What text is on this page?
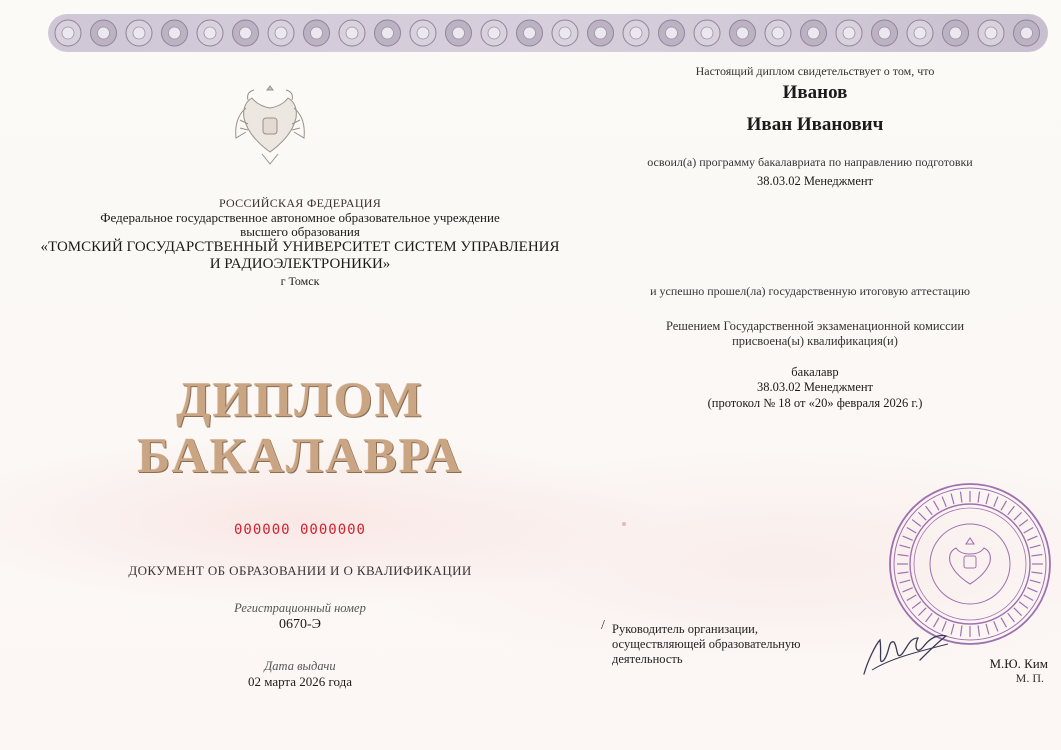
РОССИЙСКАЯ ФЕДЕРАЦИЯ
Федеральное государственное автономное образовательное учреждение
высшего образования
«ТОМСКИЙ ГОСУДАРСТВЕННЫЙ УНИВЕРСИТЕТ СИСТЕМ УПРАВЛЕНИЯ
И РАДИОЭЛЕКТРОНИКИ»
г Томск
ДИПЛОМ
БАКАЛАВРА
000000 0000000
ДОКУМЕНТ ОБ ОБРАЗОВАНИИ И О КВАЛИФИКАЦИИ
Регистрационный номер
0670-Э
Дата выдачи
02 марта 2026 года
Настоящий диплом свидетельствует о том, что
Иванов
Иван Иванович
освоил(а) программу бакалавриата по направлению подготовки
38.03.02 Менеджмент
и успешно прошел(ла) государственную итоговую аттестацию
Решением Государственной экзаменационной комиссии
присвоена(ы) квалификация(и)
бакалавр
38.03.02 Менеджмент
(протокол № 18 от «20» февраля 2026 г.)
/ Руководитель организации,
осуществляющей образовательную
деятельность	М.Ю. Ким
М. П.
